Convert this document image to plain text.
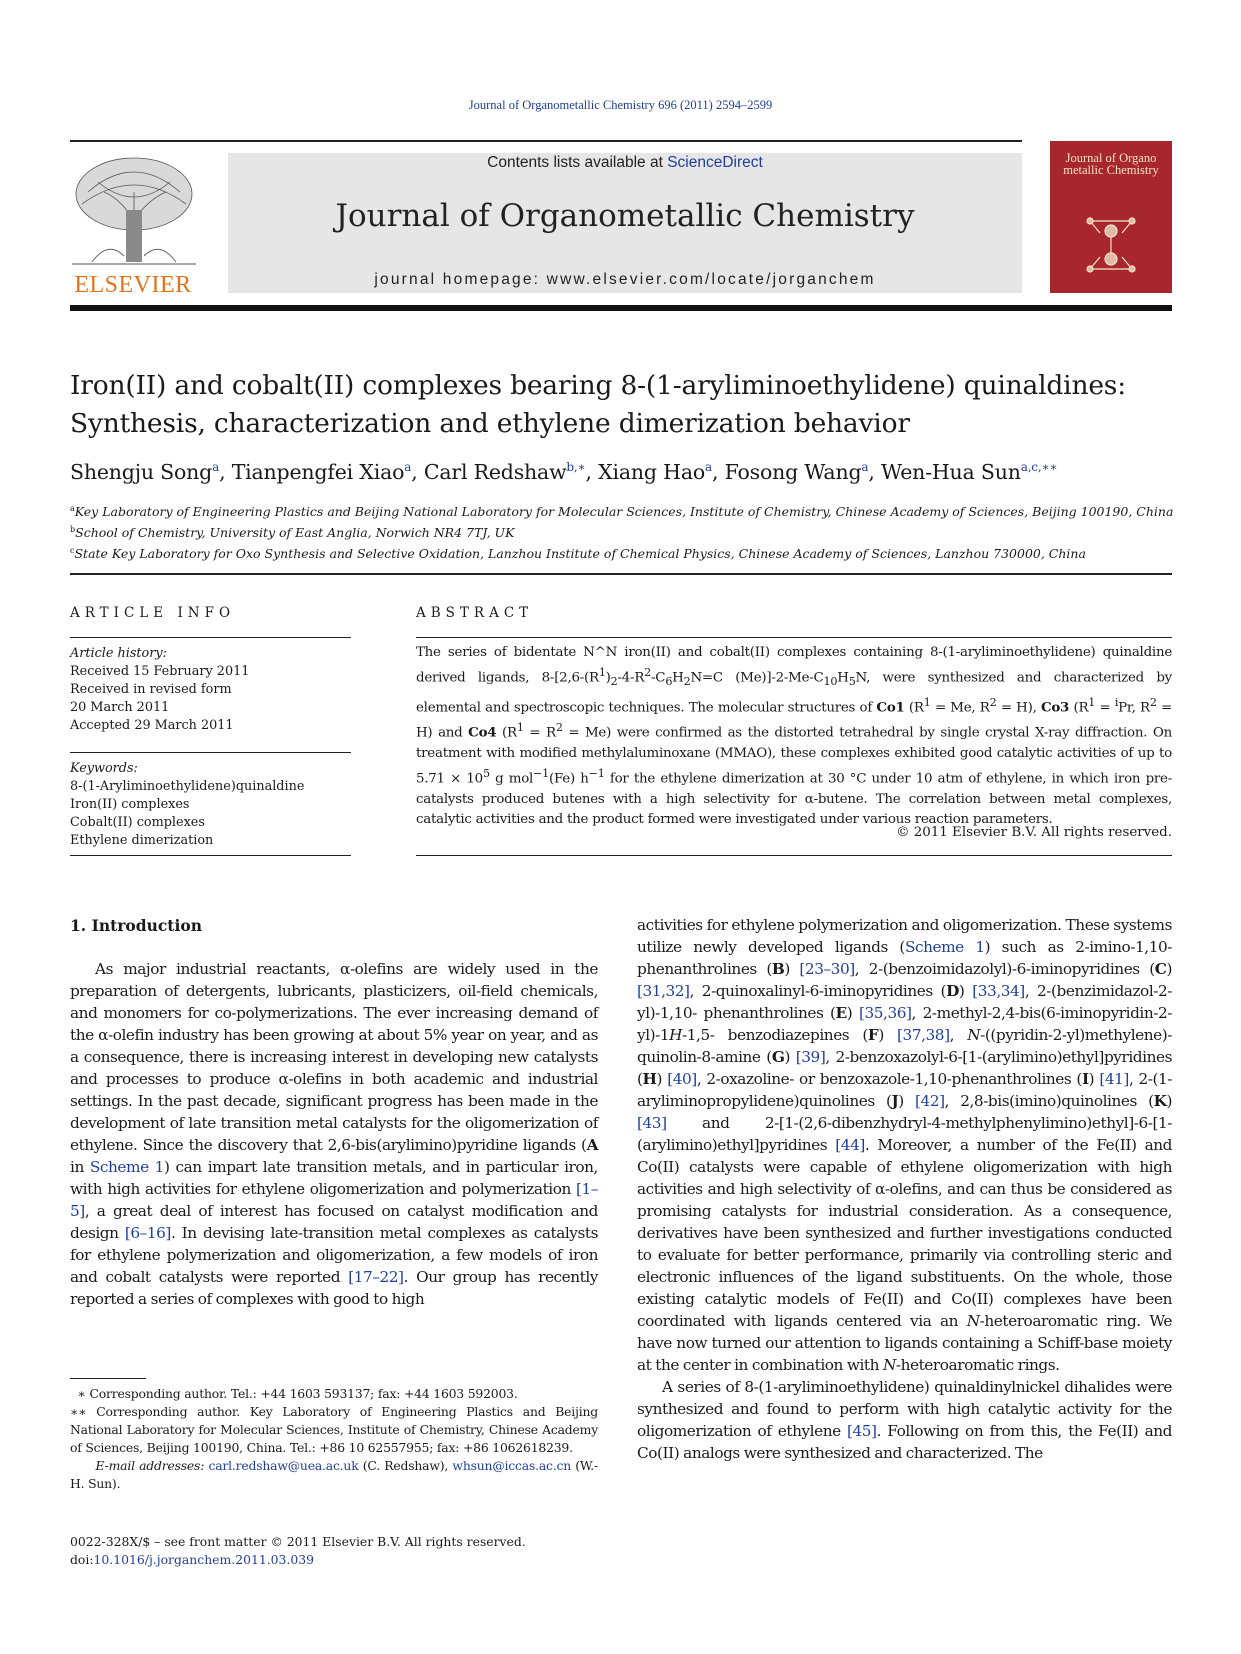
Journal of Organometallic Chemistry 696 (2011) 2594–2599
ELSEVIER
Contents lists available at ScienceDirect
Journal of Organometallic Chemistry
journal homepage: www.elsevier.com/locate/jorganchem
Journal of Organo metallic Chemistry
Iron(II) and cobalt(II) complexes bearing 8-(1-aryliminoethylidene) quinaldines:
Synthesis, characterization and ethylene dimerization behavior
Shengju Song$^a$, Tianpengfei Xiao$^a$, Carl Redshaw$^{b,∗}$, Xiang Hao$^a$, Fosong Wang$^a$, Wen-Hua Sun$^{a,c,∗∗}$
$^a$Key Laboratory of Engineering Plastics and Beijing National Laboratory for Molecular Sciences, Institute of Chemistry, Chinese Academy of Sciences, Beijing 100190, China
$^b$School of Chemistry, University of East Anglia, Norwich NR4 7TJ, UK
$^c$State Key Laboratory for Oxo Synthesis and Selective Oxidation, Lanzhou Institute of Chemical Physics, Chinese Academy of Sciences, Lanzhou 730000, China
ARTICLE INFO
Article history:
Received 15 February 2011
Received in revised form
20 March 2011
Accepted 29 March 2011
Keywords:
8-(1-Aryliminoethylidene)quinaldine
Iron(II) complexes
Cobalt(II) complexes
Ethylene dimerization
ABSTRACT
The series of bidentate N^N iron(II) and cobalt(II) complexes containing 8-(1-aryliminoethylidene) quinaldine derived ligands, $8-[2,6-(R^1)_2-4-R^2-C_6H_2N=C$ $(Me)]-2-Me-C_{10}H_5N$, were synthesized and characterized by elemental and spectroscopic techniques. The molecular structures of Co1 ($R^1 = Me$, $R^2 = H$), Co3 ($R^1 = ^iPr$, $R^2 = H$) and Co4 $(R^1 = R^2 = Me)$ were confirmed as the distorted tetrahedral by single crystal X-ray diffraction. On treatment with modified methylaluminoxane (MMAO), these complexes exhibited good catalytic activities of up to $5.71 \times 10^5$ g mol$^{-1}$(Fe) $h^{-1}$ for the ethylene dimerization at 30 °C under 10 atm of ethylene, in which iron pre-catalysts produced butenes with a high selectivity for α-butene. The correlation between metal complexes, catalytic activities and the product formed were investigated under various reaction parameters.
© 2011 Elsevier B.V. All rights reserved.
1. Introduction

As major industrial reactants, α-olefins are widely used in the preparation of detergents, lubricants, plasticizers, oil-field chemicals, and monomers for co-polymerizations. The ever increasing demand of the α-olefin industry has been growing at about 5% year on year, and as a consequence, there is increasing interest in developing new catalysts and processes to produce α-olefins in both academic and industrial settings. In the past decade, significant progress has been made in the development of late transition metal catalysts for the oligomerization of ethylene. Since the discovery that 2,6-bis(arylimino)pyridine ligands (A in Scheme 1) can impart late transition metals, and in particular iron, with high activities for ethylene oligomerization and polymerization [1–5], a great deal of interest has focused on catalyst modification and design [6–16]. In devising late-transition metal complexes as catalysts for ethylene polymerization and oligomerization, a few models of iron and cobalt catalysts were reported [17–22]. Our group has recently reported a series of complexes with good to high

activities for ethylene polymerization and oligomerization. These systems utilize newly developed ligands (Scheme 1) such as 2-imino-1,10-phenanthrolines (B) [23–30], 2-(benzoimidazolyl)-6-iminopyridines (C) [31,32], 2-quinoxalinyl-6-iminopyridines (D) [33,34], 2-(benzimidazol-2-yl)-1,10- phenanthrolines (E) [35,36], 2-methyl-2,4-bis(6-iminopyridin-2-yl)-1H-1,5- benzodiazepines (F) [37,38], N-((pyridin-2-yl)methylene)-quinolin-8-amine (G) [39], 2-benzoxazolyl-6-[1-(arylimino)ethyl]pyridines (H) [40], 2-oxazoline- or benzoxazole-1,10-phenanthrolines (I) [41], 2-(1-aryliminopropylidene)quinolines (J) [42], 2,8-bis(imino)quinolines (K) [43] and 2-[1-(2,6-dibenzhydryl-4-methylphenylimino)ethyl]-6-[1-(arylimino)ethyl]pyridines [44]. Moreover, a number of the Fe(II) and Co(II) catalysts were capable of ethylene oligomerization with high activities and high selectivity of α-olefins, and can thus be considered as promising catalysts for industrial consideration. As a consequence, derivatives have been synthesized and further investigations conducted to evaluate for better performance, primarily via controlling steric and electronic influences of the ligand substituents. On the whole, those existing catalytic models of Fe(II) and Co(II) complexes have been coordinated with ligands centered via an N-heteroaromatic ring. We have now turned our attention to ligands containing a Schiff-base moiety at the center in combination with N-heteroaromatic rings.

A series of 8-(1-aryliminoethylidene) quinaldinylnickel dihalides were synthesized and found to perform with high catalytic activity for the oligomerization of ethylene [45]. Following on from this, the Fe(II) and Co(II) analogs were synthesized and characterized. The

∗ Corresponding author. Tel.: +44 1603 593137; fax: +44 1603 592003.
∗∗ Corresponding author. Key Laboratory of Engineering Plastics and Beijing National Laboratory for Molecular Sciences, Institute of Chemistry, Chinese Academy of Sciences, Beijing 100190, China. Tel.: +86 10 62557955; fax: +86 1062618239.
E-mail addresses: carl.redshaw@uea.ac.uk (C. Redshaw), whsun@iccas.ac.cn (W.-H. Sun).
0022-328X/$ – see front matter © 2011 Elsevier B.V. All rights reserved.
doi:10.1016/j.jorganchem.2011.03.039
